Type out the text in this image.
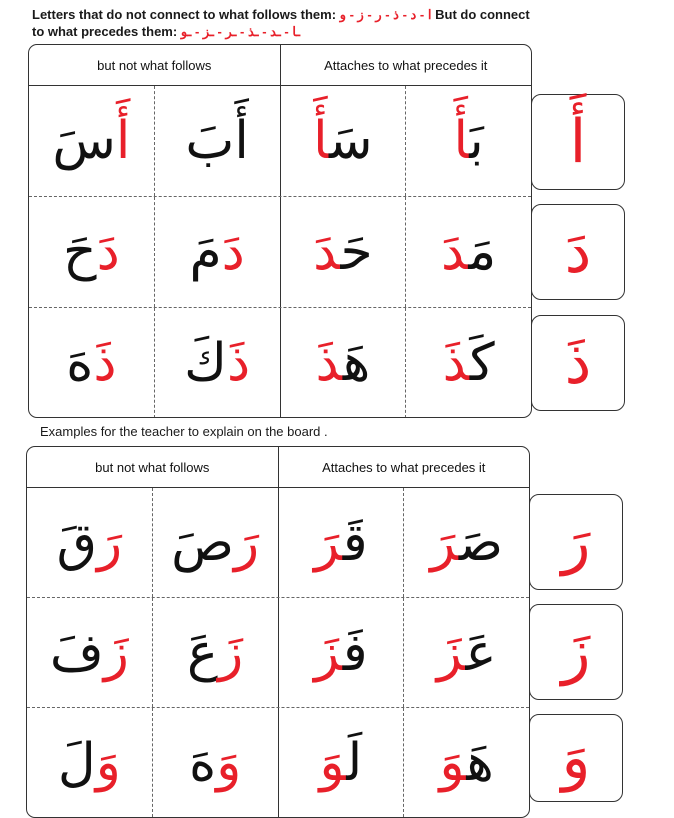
Letters that do not connect to what follows them: ا - د - ذ - ر - ز - و But do connect
to what precedes them: ـا - ـد - ـذ - ـر - ـز - ـو
but not what follows	Attaches to what precedes it
أَسَ	أَبَ	سَأَ	بَأَ
دَحَ	دَمَ	حَدَ	مَدَ
ذَهَ	ذَكَ	هَذَ	كَذَ
أَ
دَ
ذَ
Examples for the teacher to explain on the board .
but not what follows	Attaches to what precedes it
رَقَ	رَصَ	قَرَ	صَرَ
زَفَ	زَعَ	فَزَ	عَزَ
وَلَ	وَهَ	لَوَ	هَوَ
رَ
زَ
وَ
